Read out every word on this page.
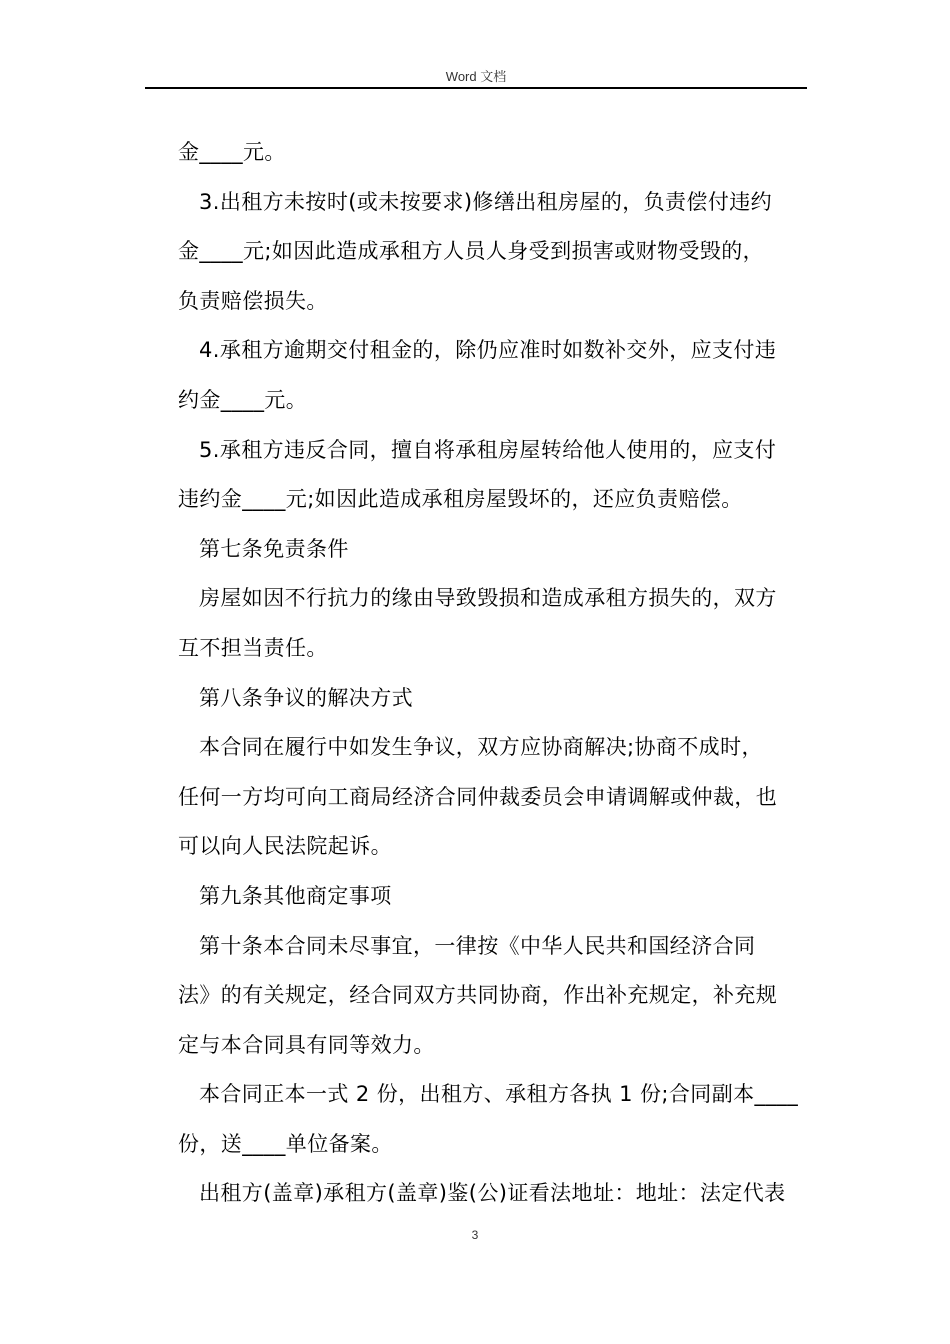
Word 文档
金____元。
3.出租方未按时(或未按要求)修缮出租房屋的，负责偿付违约
金____元;如因此造成承租方人员人身受到损害或财物受毁的，
负责赔偿损失。
4.承租方逾期交付租金的，除仍应准时如数补交外，应支付违
约金____元。
5.承租方违反合同，擅自将承租房屋转给他人使用的，应支付
违约金____元;如因此造成承租房屋毁坏的，还应负责赔偿。
第七条免责条件
房屋如因不行抗力的缘由导致毁损和造成承租方损失的，双方
互不担当责任。
第八条争议的解决方式
本合同在履行中如发生争议，双方应协商解决;协商不成时，
任何一方均可向工商局经济合同仲裁委员会申请调解或仲裁，也
可以向人民法院起诉。
第九条其他商定事项
第十条本合同未尽事宜，一律按《中华人民共和国经济合同
法》的有关规定，经合同双方共同协商，作出补充规定，补充规
定与本合同具有同等效力。
本合同正本一式 2 份，出租方、承租方各执 1 份;合同副本____
份，送____单位备案。
出租方(盖章)承租方(盖章)鉴(公)证看法地址：地址：法定代表
3
